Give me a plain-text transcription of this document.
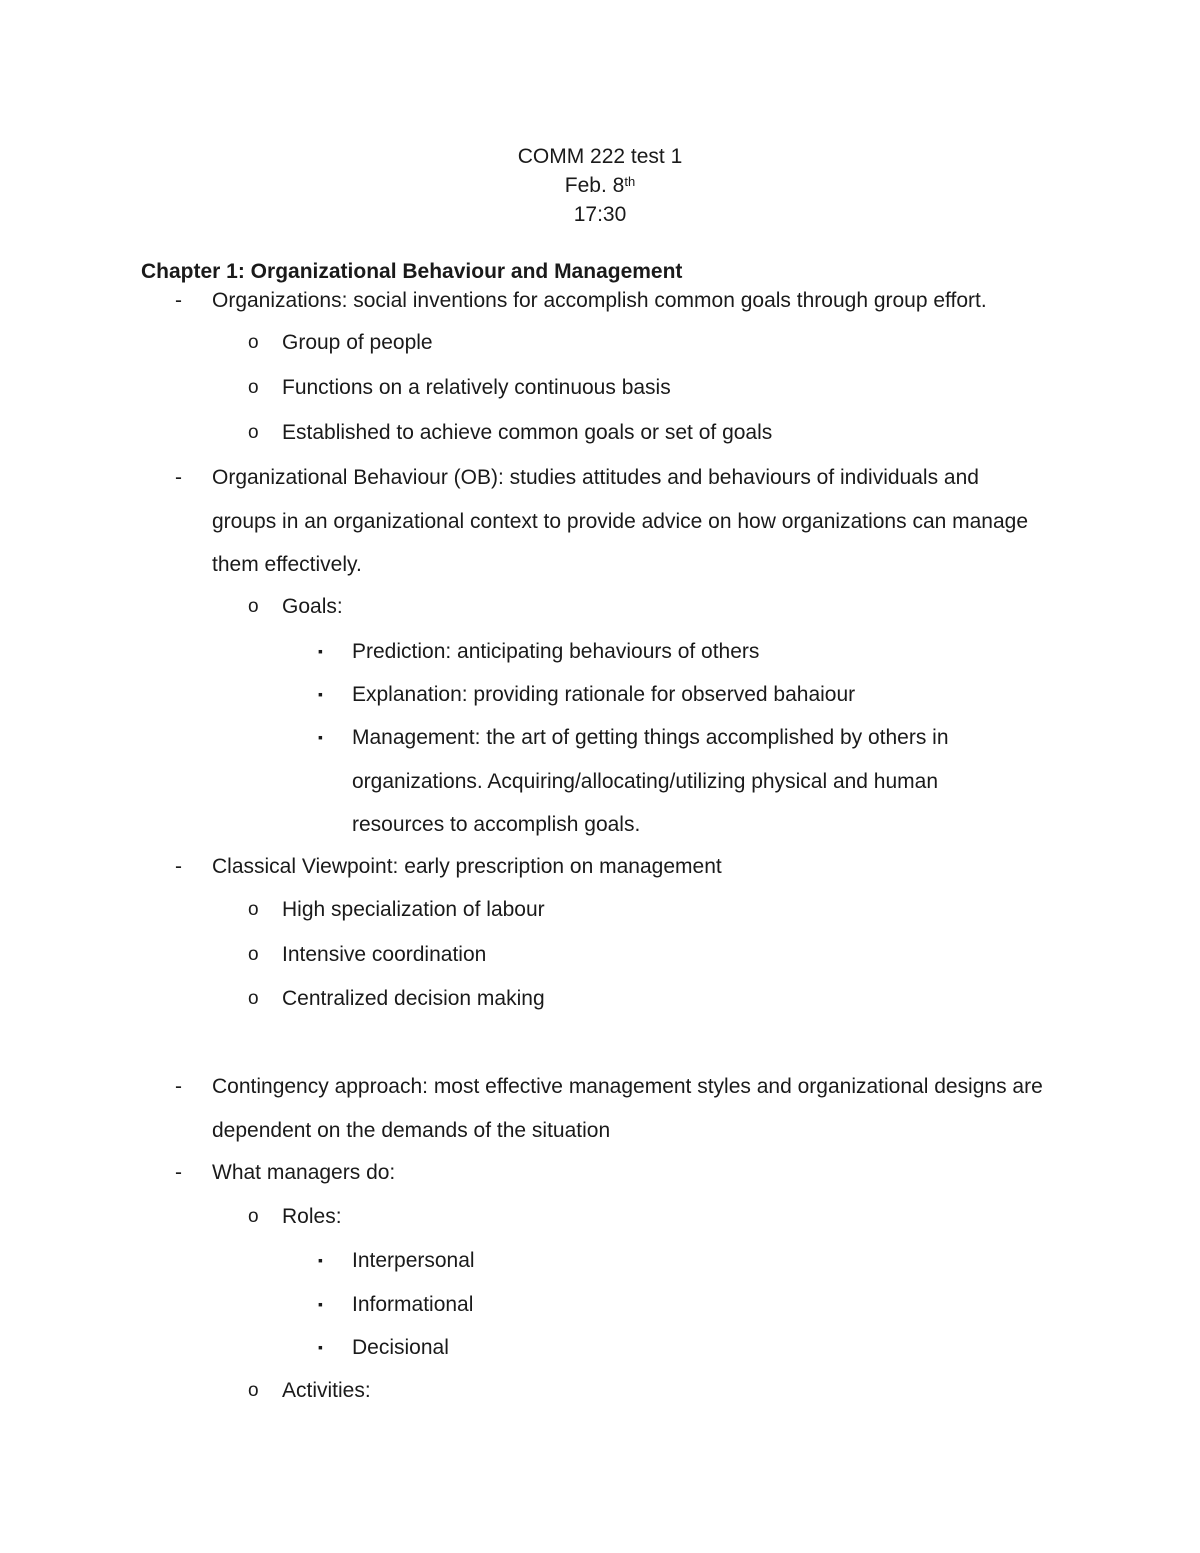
COMM 222 test 1
Feb. 8th
17:30
Chapter 1: Organizational Behaviour and Management
- Organizations: social inventions for accomplish common goals through group effort.
o Group of people
o Functions on a relatively continuous basis
o Established to achieve common goals or set of goals
- Organizational Behaviour (OB): studies attitudes and behaviours of individuals and
groups in an organizational context to provide advice on how organizations can manage
them effectively.
o Goals:
▪ Prediction: anticipating behaviours of others
▪ Explanation: providing rationale for observed bahaiour
▪ Management: the art of getting things accomplished by others in
organizations. Acquiring/allocating/utilizing physical and human
resources to accomplish goals.
- Classical Viewpoint: early prescription on management
o High specialization of labour
o Intensive coordination
o Centralized decision making
- Contingency approach: most effective management styles and organizational designs are
dependent on the demands of the situation
- What managers do:
o Roles:
▪ Interpersonal
▪ Informational
▪ Decisional
o Activities:
